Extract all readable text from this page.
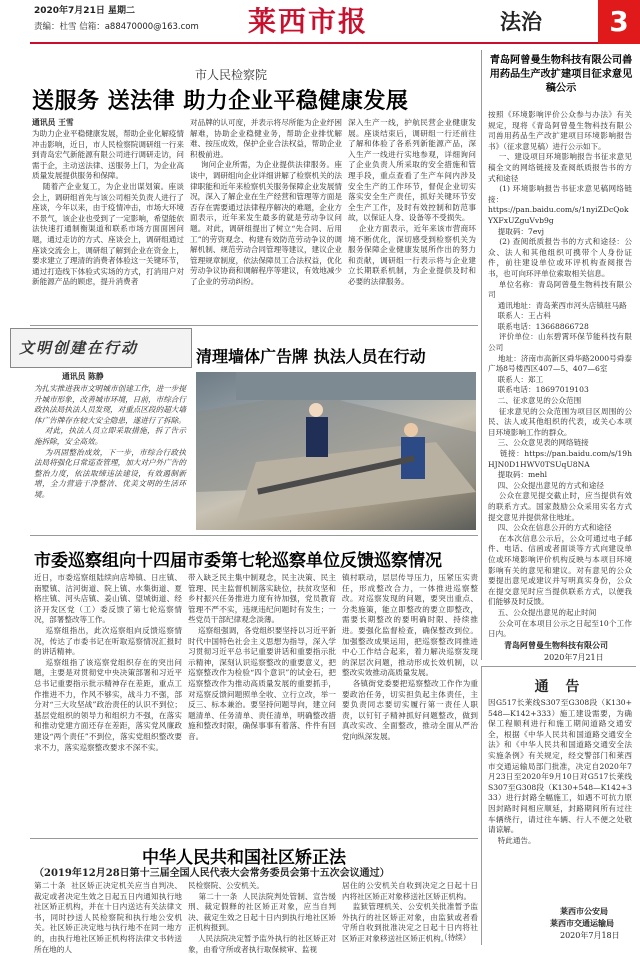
2020年7月21日 星期二
责编：杜雪 信箱：a88470000@163.com 莱西市报	法治	3
市人民检察院
送服务 送法律 助力企业平稳健康发展
通讯员 王雪

为助力企业平稳健康发展，帮助企业化解疫情冲击影响，近日，市人民检察院调研组一行来到青岛宏气新能源有限公司进行调研走访，问需于企，主动送法律、送服务上门，为企业高质量发展提供服务和保障。
随着产企业复工，为企业出谋划策。座谈会上，调研组首先与该公司相关负责人进行了座谈，今年以来，由于疫情冲击，市场大环境不景气，该企业也受到了一定影响，希望能依法快速打通制衡渠道和联系市场方面面困问题，通过走访的方式、座谈会上，调研组通过座谈交流会上，调研组了解到企业在资金上，要求建立了理清的消费者体验这一关键环节，通过打造线下体验式实场的方式，打消用户对新能源产品的顾虑，提升消费者

对品牌的认可度，并表示将尽所能为企业纾困解难，协助企业稳健业务，帮助企业排忧解难、按压成效，保护企业合法权益，帮助企业积极前进。
询问企业所需，为企业提供法律服务。座谈中，调研组向企业详细讲解了检察机关的法律职能和近年来检察机关服务保障企业发展情况，深入了解企业在生产经营和管理等方面是否存在需要通过法律程序解决的难题，企业方面表示，近年来发生最多的就是劳动争议问题。对此，调研组提出了树立“先合同、后用工”的劳资观念、构建有效防范劳动争议的调解机制、规范劳动合同管理等建议，建议企业管理规章制度，依法保障员工合法权益，优化劳动争议协商和调解程序等建议，有效地减少了企业的劳动纠纷。

深入生产一线，护航民营企业健康发展。座谈结束后，调研组一行还前往了解和体验了各系列新能源产品，深入生产一线进行实地参观，详细询问了企业负责人所采取的安全措施和管理手段，重点查看了生产车间内涉及安全生产的工作环节，督促企业切实落实安全生产责任，抓好关键环节安全生产工作，及时有效控制和防范事故，以保证人身、设备等不受损失。
企业方面表示，近年来该市营商环境不断优化，深切感受到检察机关为服务保障企业健康发展所作出的努力和贡献，调研组一行表示将与企业建立长期联系机制，为企业提供及时和必要的法律服务。

文明创建在行动	清理墙体广告牌 执法人员在行动
通讯员 陈静

为扎实推进我市文明城市创建工作，进一步提升城市形象，改善城市环境，日前，市综合行政执法局执法人员发现，对重点区段的超大墙体广告牌存在较大安全隐患，遂进行了拆除。
对此，执法人员立即采取措施，拆了告示施拆除，安全高效。
为巩固整治成效，下一步，市综合行政执法局将强化日常巡查管理，加大对户外广告的整治力度，依法取缔违法建设，有效遏制新增，全力营造干净整洁、优美文明的生活环境。

市委巡察组向十四届市委第七轮巡察单位反馈巡察情况

近日，市委巡察组陆续向店埠镇、日庄镇、南墅镇、沽河街道、院上镇、水集街道、夏格庄镇、河头店镇、姜山镇、望城街道、经济开发区党（工）委反馈了第七轮巡察情况，部署整改等工作。
巡察组指出，此次巡察组向反馈巡察情况，传达了市委书记在听取巡察情况汇报时的讲话精神。
巡察组指了该巡察党组织存在的突出问题，主要是对贯彻党中央决策部署和习近平总书记重要指示批示精神存在差距，重点工作推进不力，作风不够实，战斗力不强，部分对“三大攻坚战”政治责任的认识不到位；基层党组织的领导力和组织力不强，在落实和推动党建方面还存在差距，落实党风廉政建设“两个责任”不到位，落实党组织整改要求不力，落实巡察整改要求不深不实。

带入缺乏民主集中制观念，民主决策、民主管理、民主监督机制落实缺位，扶贫攻坚和乡村振兴任务推进力度有待加强，党员教育管理不严不实，违规违纪问题时有发生；一些党员干部纪律观念淡薄。
巡察组强调，各党组织要坚持以习近平新时代中国特色社会主义思想为指导，深入学习贯彻习近平总书记重要讲话和重要指示批示精神，深刻认识巡察整改的重要意义，把巡察整改作为检验“四个意识”的试金石，把巡察整改作为推动高质量发展的重要抓手，对巡察反馈问题照单全收、立行立改，举一反三、标本兼治。要坚持问题导向，建立问题清单、任务清单、责任清单，明确整改措施和整改时限，确保事事有着落、件件有回音。

镇村联动，层层传导压力，压紧压实责任，形成整改合力，一体推进巡察整改。对巡察发现的问题，要突出重点、分类施策，能立即整改的要立即整改，需要长期整改的要明确时限、持续推进。要强化监督检查，确保整改到位。加强整改成果运用，把巡察整改同推进中心工作结合起来，着力解决巡察发现的深层次问题，推动形成长效机制，以整改实效推动高质量发展。
各镇街党委要把巡察整改工作作为重要政治任务，切实担负起主体责任，主要负责同志要切实履行第一责任人职责，以钉钉子精神抓好问题整改，做到真改实改、全面整改，推动全面从严治党向纵深发展。

中华人民共和国社区矫正法
（2019年12月28日第十三届全国人民代表大会常务委员会第十五次会议通过）

第二十条  社区矫正决定机关应当自判决、裁定或者决定生效之日起五日内通知执行地社区矫正机构，并在十日内送达有关法律文书，同时抄送人民检察院和执行地公安机关。社区矫正决定地与执行地不在同一地方的，由执行地社区矫正机构将法律文书转送所在地的人

民检察院、公安机关。
第二十一条  人民法院判处管制、宣告缓刑、裁定假释的社区矫正对象，应当自判决、裁定生效之日起十日内到执行地社区矫正机构报到。
人民法院决定暂予监外执行的社区矫正对象，由看守所或者执行取保候审、监视

居住的公安机关自收到决定之日起十日内将社区矫正对象移送社区矫正机构。
监狱管理机关、公安机关批准暂予监外执行的社区矫正对象，由监狱或者看守所自收到批准决定之日起十日内将社区矫正对象移送社区矫正机构。

（待续）
青岛阿曾曼生物科技有限公司兽用药品生产改扩建项目征求意见稿公示

按照《环境影响评价公众参与办法》有关规定，现将《青岛阿曾曼生物科技有限公司兽用药品生产改扩建项目环境影响报告书》（征求意见稿）进行公示如下。
一、建设项目环境影响报告书征求意见稿全文的网络链接及查阅纸质报告书的方式和途径
(1) 环境影响报告书征求意见稿网络链接：
https://pan.baidu.com/s/1nyiZDcQokYXFxUZguVvb9g
提取码：7evj
(2) 查阅纸质报告书的方式和途径：公众、法人和其他组织可携带个人身份证件，前往建设单位或环评机构查阅报告书，也可向环评单位索取相关信息。
单位名称：青岛阿曾曼生物科技有限公司
通讯地址：青岛莱西市河头店镇驻马路
联系人：王占科
联系电话：13668866728
评价单位：山东碧霄环保节能科技有限公司
地址：济南市高新区舜华路2000号舜泰广场8号楼西区407—5、407—6室
联系人：郑工
联系电话：18697019103
二、征求意见的公众范围
征求意见的公众范围为项目区周围的公民、法人或其他组织的代表，或关心本项目环境影响工作的群众。
三、公众意见表的网络链接
链接：https://pan.baidu.com/s/19hHJN0D1HWV0TSUqU8NA
提取码：mehl
四、公众提出意见的方式和途径
公众在意见提交截止时，应当提供有效的联系方式。国家鼓励公众采用实名方式提交意见并提供常住地址。
四、公众在信息公开的方式和途径
在本次信息公示后，公众可通过电子邮件、电话、信函或者面谈等方式向建设单位或环境影响评价机构反映与本项目环境影响有关的意见和建议。对有意见的公众要提出意见或建议并写明真实身份，公众在提交意见时应当提供联系方式，以便我们能够及时反馈。
五、公众提出意见的起止时间
公众可在本项目公示之日起至10个工作日内。

青岛阿曾曼生物科技有限公司
2020年7月21日
通 告

因G517长莱线S307至G308段（K130+548—K142+333）施工建设需要，为确保工程顺利进行和施工期间道路交通安全，根据《中华人民共和国道路交通安全法》和《中华人民共和国道路交通安全法实施条例》有关规定，经交警部门和莱西市交通运输局部门批准，决定自2020年7月23日至2020年9月10日对G517长莱线S307至G308段（K130+548—K142+333）进行封路全幅施工，如遇不可抗力原因封路时间相应顺延，封路期间所有过往车辆绕行，请过往车辆、行人不便之处敬请谅解。
特此通告。

莱西市公安局
莱西市交通运输局
2020年7月18日
